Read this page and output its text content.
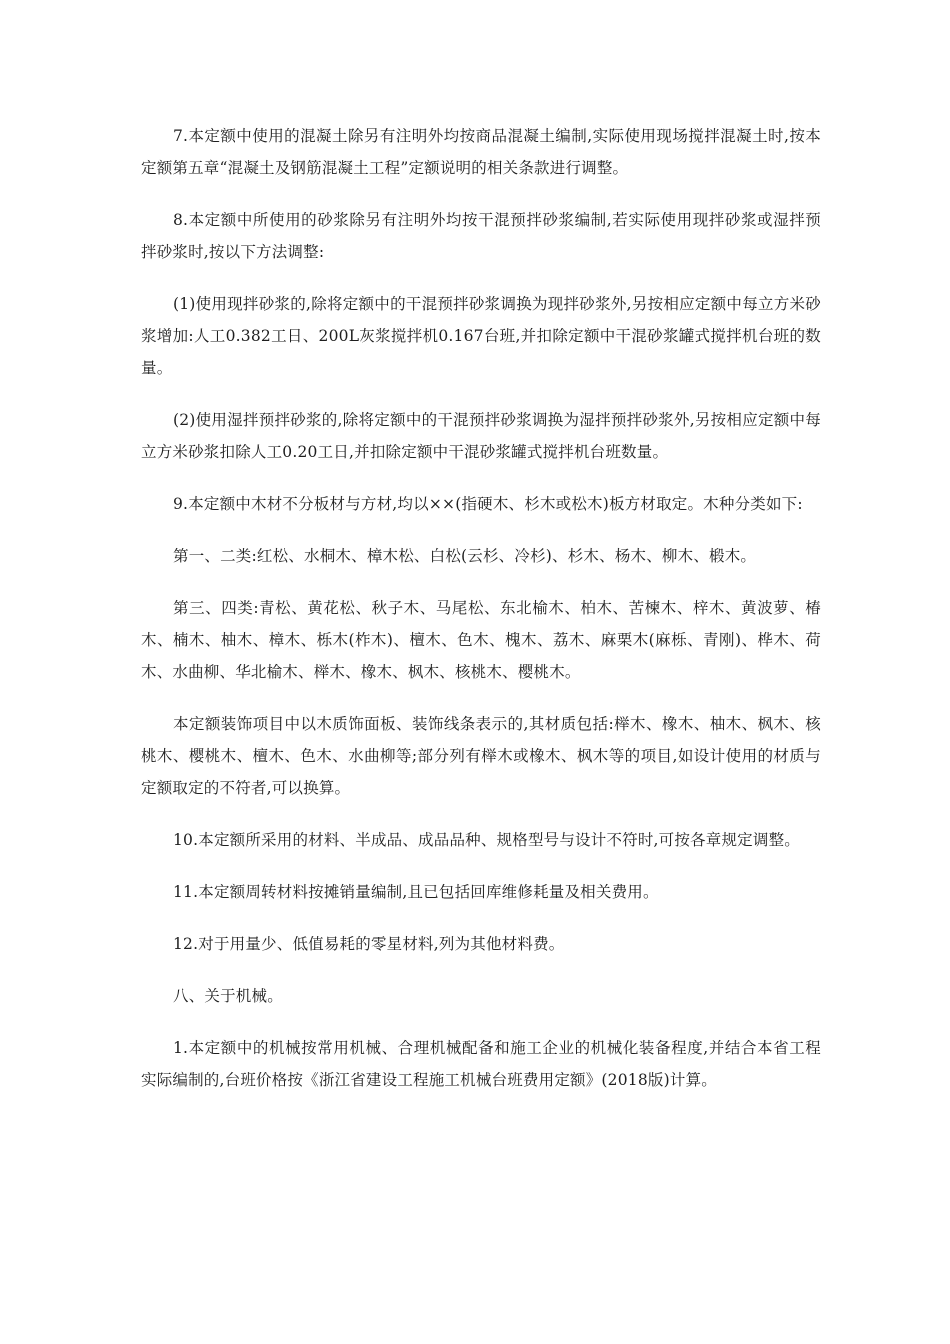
7.本定额中使用的混凝土除另有注明外均按商品混凝土编制,实际使用现场搅拌混凝土时,按本定额第五章“混凝土及钢筋混凝土工程”定额说明的相关条款进行调整。

8.本定额中所使用的砂浆除另有注明外均按干混预拌砂浆编制,若实际使用现拌砂浆或湿拌预拌砂浆时,按以下方法调整:

(1)使用现拌砂浆的,除将定额中的干混预拌砂浆调换为现拌砂浆外,另按相应定额中每立方米砂浆增加:人工0.382工日、200L灰浆搅拌机0.167台班,并扣除定额中干混砂浆罐式搅拌机台班的数量。

(2)使用湿拌预拌砂浆的,除将定额中的干混预拌砂浆调换为湿拌预拌砂浆外,另按相应定额中每立方米砂浆扣除人工0.20工日,并扣除定额中干混砂浆罐式搅拌机台班数量。

9.本定额中木材不分板材与方材,均以××(指硬木、杉木或松木)板方材取定。木种分类如下:

第一、二类:红松、水桐木、樟木松、白松(云杉、冷杉)、杉木、杨木、柳木、椴木。

第三、四类:青松、黄花松、秋子木、马尾松、东北榆木、柏木、苦楝木、梓木、黄波萝、椿木、楠木、柚木、樟木、栎木(柞木)、檀木、色木、槐木、荔木、麻栗木(麻栎、青刚)、桦木、荷木、水曲柳、华北榆木、榉木、橡木、枫木、核桃木、樱桃木。

本定额装饰项目中以木质饰面板、装饰线条表示的,其材质包括:榉木、橡木、柚木、枫木、核桃木、樱桃木、檀木、色木、水曲柳等;部分列有榉木或橡木、枫木等的项目,如设计使用的材质与定额取定的不符者,可以换算。

10.本定额所采用的材料、半成品、成品品种、规格型号与设计不符时,可按各章规定调整。

11.本定额周转材料按摊销量编制,且已包括回库维修耗量及相关费用。

12.对于用量少、低值易耗的零星材料,列为其他材料费。

八、关于机械。

1.本定额中的机械按常用机械、合理机械配备和施工企业的机械化装备程度,并结合本省工程实际编制的,台班价格按《浙江省建设工程施工机械台班费用定额》(2018版)计算。
